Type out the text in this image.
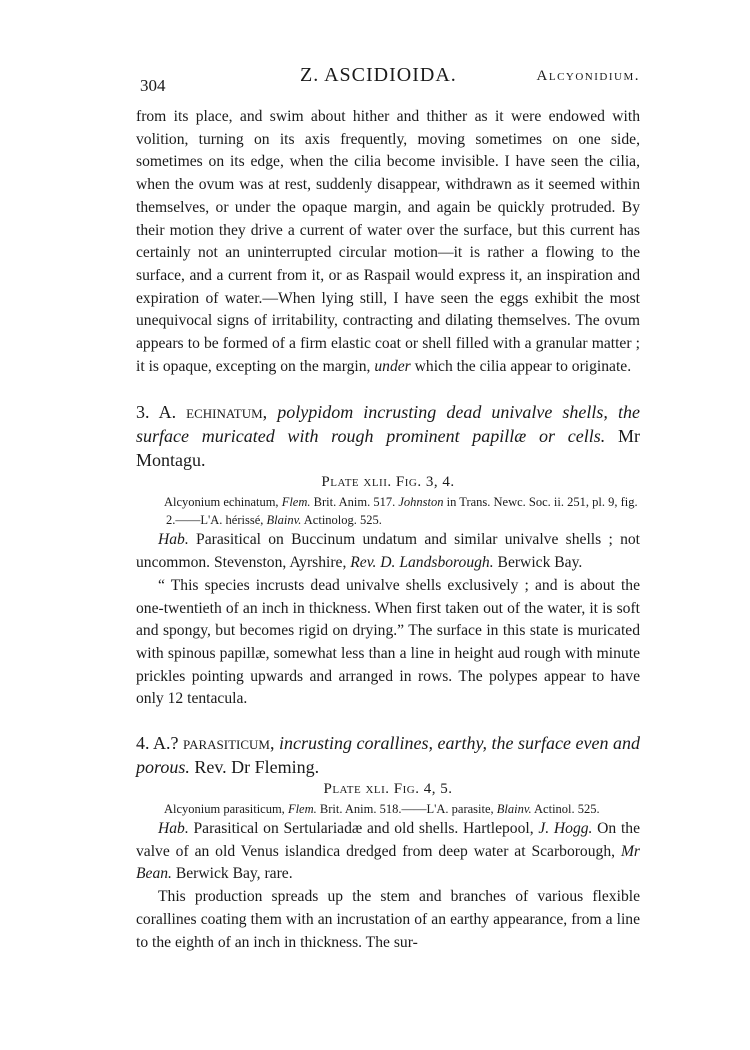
304	Z. ASCIDIOIDA.	Alcyonidium.

from its place, and swim about hither and thither as it were endowed with volition, turning on its axis frequently, moving sometimes on one side, sometimes on its edge, when the cilia become invisible. I have seen the cilia, when the ovum was at rest, suddenly disappear, withdrawn as it seemed within themselves, or under the opaque margin, and again be quickly protruded. By their motion they drive a current of water over the surface, but this current has certainly not an uninterrupted circular motion—it is rather a flowing to the surface, and a current from it, or as Raspail would express it, an inspiration and expiration of water.—When lying still, I have seen the eggs exhibit the most unequivocal signs of irritability, contracting and dilating themselves. The ovum appears to be formed of a firm elastic coat or shell filled with a granular matter ; it is opaque, excepting on the margin, under which the cilia appear to originate.

3. A. echinatum, polypidom incrusting dead univalve shells, the surface muricated with rough prominent papillæ or cells. Mr Montagu.

Plate xlii. Fig. 3, 4.

Alcyonium echinatum, Flem. Brit. Anim. 517. Johnston in Trans. Newc. Soc. ii. 251, pl. 9, fig. 2.——L'A. hérissé, Blainv. Actinolog. 525.

Hab. Parasitical on Buccinum undatum and similar univalve shells ; not uncommon. Stevenston, Ayrshire, Rev. D. Landsborough. Berwick Bay.

“ This species incrusts dead univalve shells exclusively ; and is about the one-twentieth of an inch in thickness. When first taken out of the water, it is soft and spongy, but becomes rigid on drying.” The surface in this state is muricated with spinous papillæ, somewhat less than a line in height aud rough with minute prickles pointing upwards and arranged in rows. The polypes appear to have only 12 tentacula.

4. A.? parasiticum, incrusting corallines, earthy, the surface even and porous. Rev. Dr Fleming.

Plate xli. Fig. 4, 5.

Alcyonium parasiticum, Flem. Brit. Anim. 518.——L'A. parasite, Blainv. Actinol. 525.

Hab. Parasitical on Sertulariadæ and old shells. Hartlepool, J. Hogg. On the valve of an old Venus islandica dredged from deep water at Scarborough, Mr Bean. Berwick Bay, rare.

This production spreads up the stem and branches of various flexible corallines coating them with an incrustation of an earthy appearance, from a line to the eighth of an inch in thickness. The sur-
